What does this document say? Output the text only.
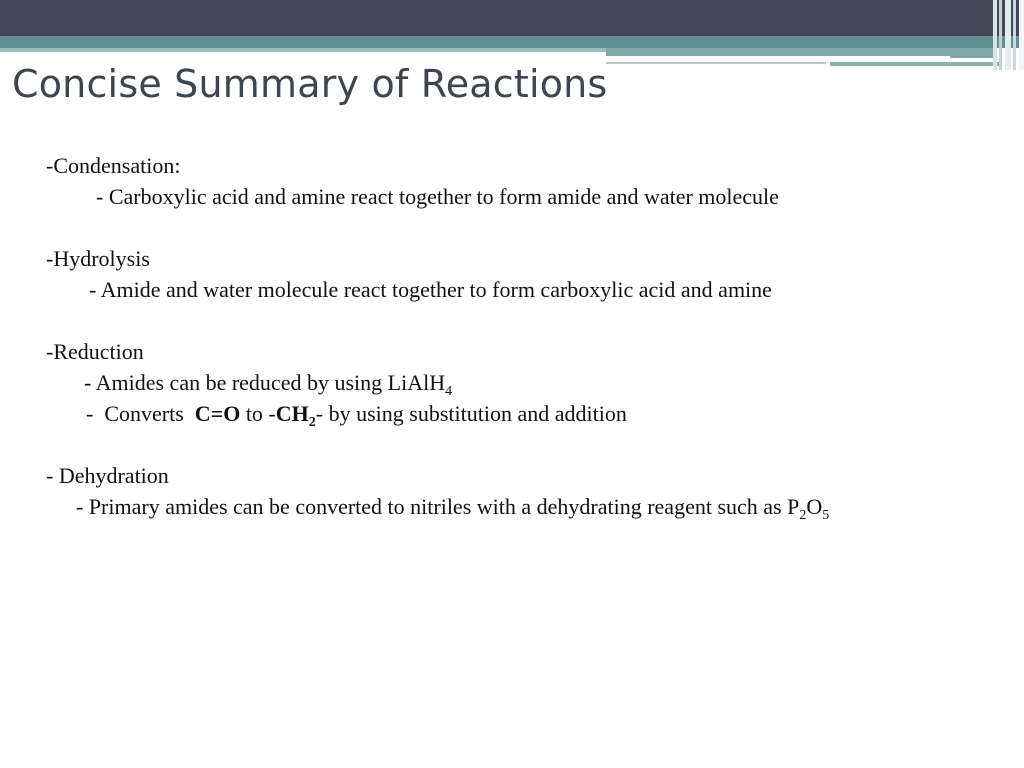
Concise Summary of Reactions
-Condensation:
- Carboxylic acid and amine react together to form amide and water molecule
-Hydrolysis
- Amide and water molecule react together to form carboxylic acid and amine
-Reduction
- Amides can be reduced by using LiAlH$_4$
-  Converts  C=O to $-CH_2-$ by using substitution and addition
- Dehydration
- Primary amides can be converted to nitriles with a dehydrating reagent such as $P_2O_5$
